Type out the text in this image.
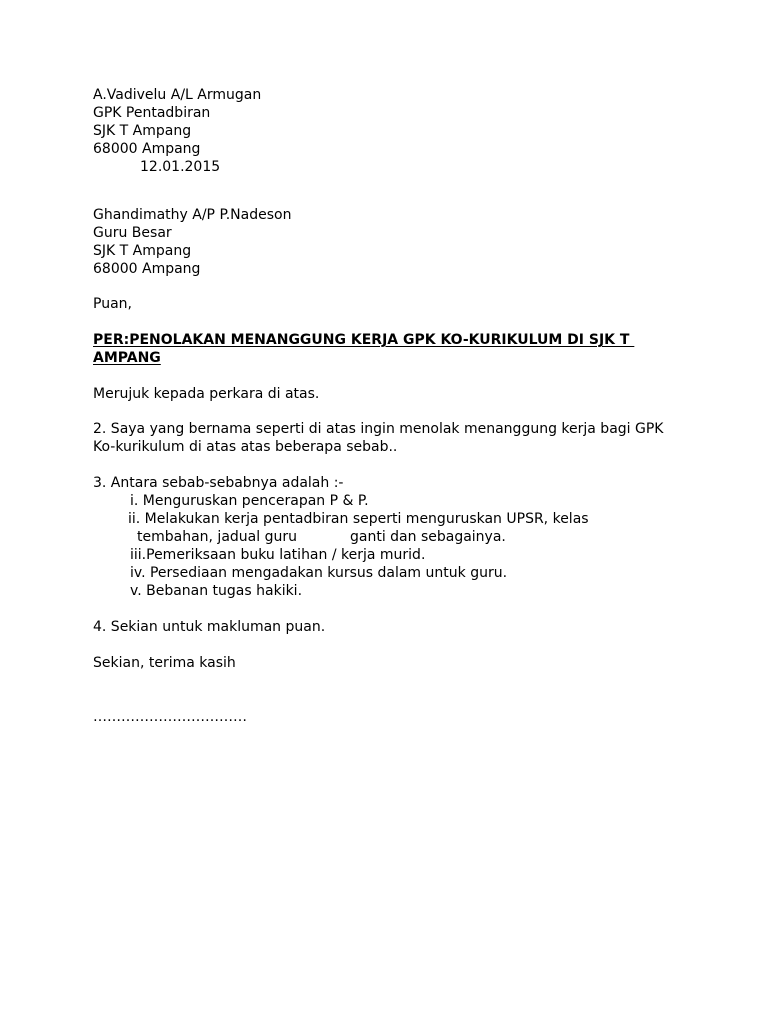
A.Vadivelu A/L Armugan

GPK Pentadbiran

SJK T Ampang

68000 Ampang

12.01.2015

Ghandimathy A/P P.Nadeson

Guru Besar

SJK T Ampang

68000 Ampang

Puan,

PER:PENOLAKAN MENANGGUNG KERJA GPK KO-KURIKULUM DI SJK T

AMPANG

Merujuk kepada perkara di atas.

2. Saya yang bernama seperti di atas ingin menolak menanggung kerja bagi GPK

Ko-kurikulum di atas atas beberapa sebab..

3. Antara sebab-sebabnya adalah :-

i. Menguruskan pencerapan P & P.

ii. Melakukan kerja pentadbiran seperti menguruskan UPSR, kelas

tembahan, jadual guru	ganti dan sebagainya.

iii.Pemeriksaan buku latihan / kerja murid.

iv. Persediaan mengadakan kursus dalam untuk guru.

v. Bebanan tugas hakiki.

4. Sekian untuk makluman puan.

Sekian, terima kasih

……………………………
